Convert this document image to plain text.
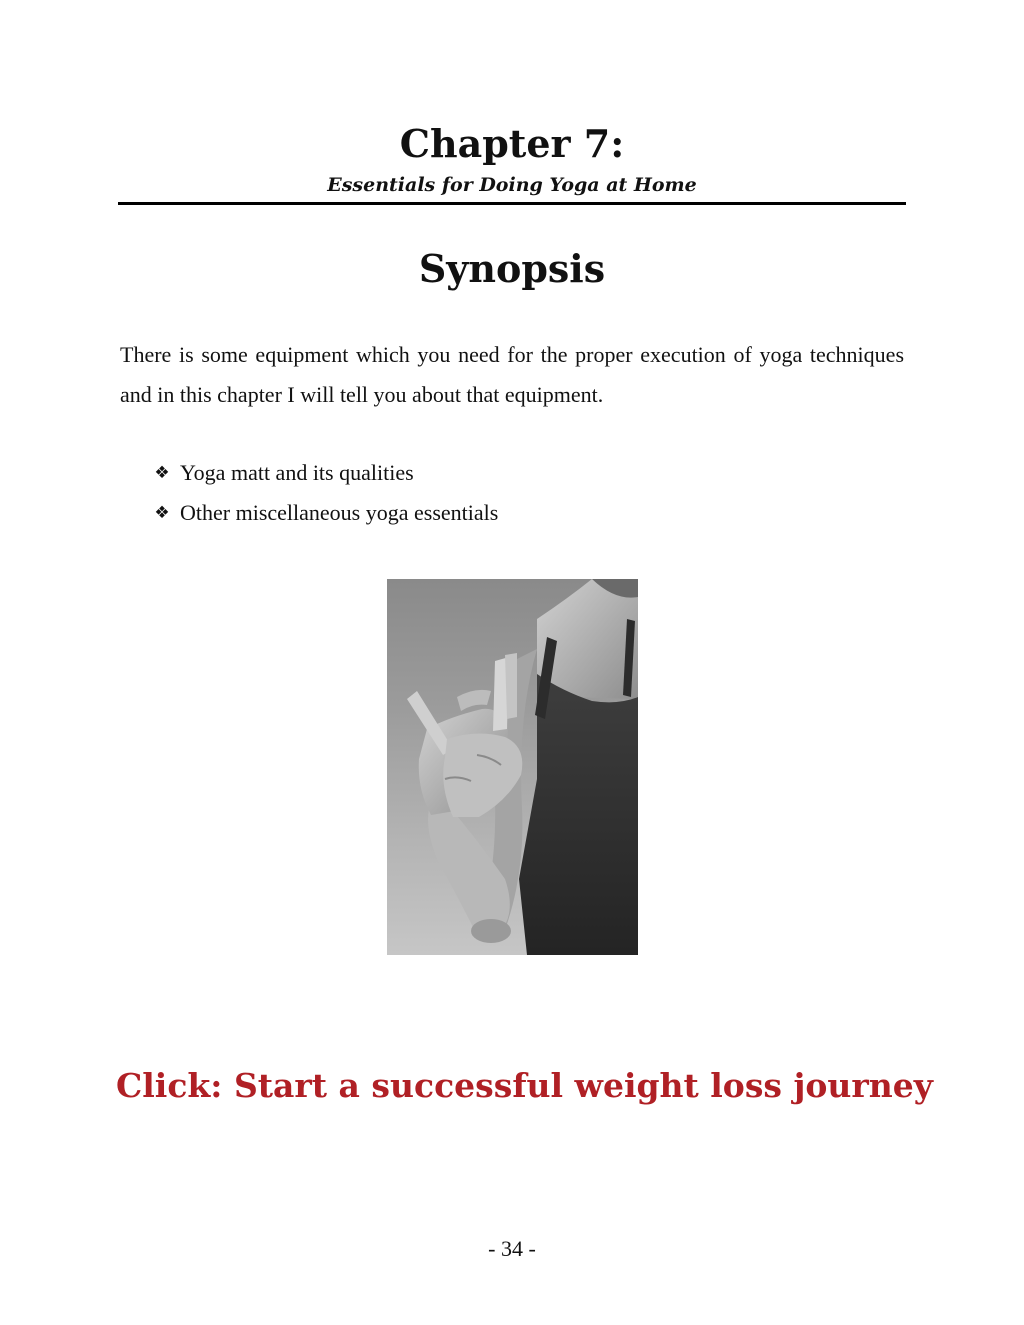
Chapter 7:
Essentials for Doing Yoga at Home
Synopsis

There is some equipment which you need for the proper execution of yoga techniques and in this chapter I will tell you about that equipment.

❖ Yoga matt and its qualities
❖ Other miscellaneous yoga essentials
Click: Start a successful weight loss journey
- 34 -
